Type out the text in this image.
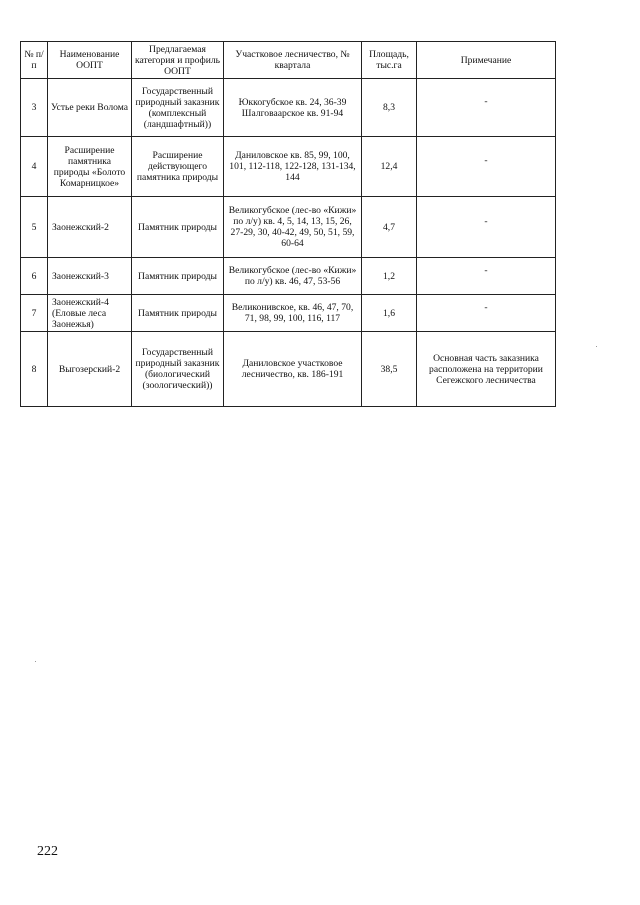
№ п/п	Наименование ООПТ	Предлагаемая категория и профиль ООПТ	Участковое лесничество, № квартала	Площадь, тыс.га	Примечание
3	Устье реки Волома	Государственный природный заказник (комплексный (ландшафтный))	Юккогубское кв. 24, 36-39 Шалговаарское кв. 91-94	8,3	-
4	Расширение памятника природы «Болото Комарницкое»	Расширение действующего памятника природы	Даниловское кв. 85, 99, 100, 101, 112-118, 122-128, 131-134, 144	12,4	-
5	Заонежский-2	Памятник природы	Великогубское (лес-во «Кижи» по л/у) кв. 4, 5, 14, 13, 15, 26, 27-29, 30, 40-42, 49, 50, 51, 59, 60-64	4,7	-
6	Заонежский-3	Памятник природы	Великогубское (лес-во «Кижи» по л/у) кв. 46, 47, 53-56	1,2	-
7	Заонежский-4 (Еловые леса Заонежья)	Памятник природы	Великонивское, кв. 46, 47, 70, 71, 98, 99, 100, 116, 117	1,6	-
8	Выгозерский-2	Государственный природный заказник (биологический (зоологический))	Даниловское участковое лесничество, кв. 186-191	38,5	Основная часть заказника расположена на территории Сегежского лесничества
222
